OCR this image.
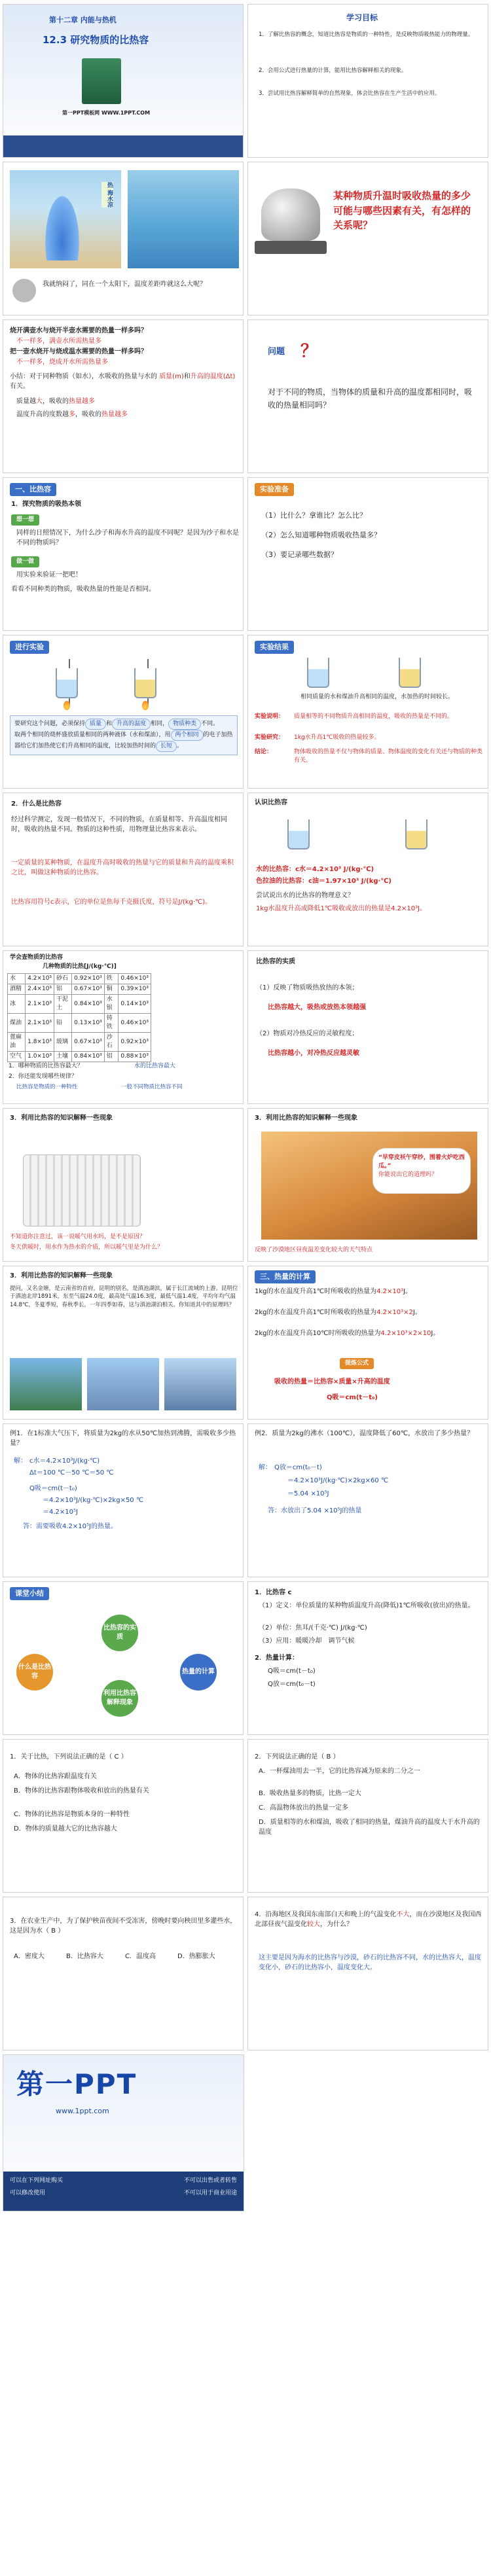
第十二章 内能与热机
12.3 研究物质的比热容
第一PPT模板网 WWW.1PPT.COM
学习目标
1．了解比热容的概念，知道比热容是物质的一种特性，是反映物质吸热能力的物理量。
2．会用公式进行热量的计算，能用比热容解释相关的现象。
3．尝试用比热容解释简单的自然现象，体会比热容在生产生活中的应用。
热 海水凉
我就纳闷了，同在一个太阳下，温度差距咋就这么大呢？
某种物质升温时吸收热量的多少可能与哪些因素有关，有怎样的关系呢？
烧开满壶水与烧开半壶水需要的热量一样多吗？
不一样多，满壶水所需热量多
把一壶水烧开与烧成温水需要的热量一样多吗？
不一样多，烧成开水所需热量多
小结：对于同种物质（如水），水吸收的热量与水的 质量(m)和升高的温度(Δt)有关。
质量越大，吸收的热量越多
温度升高的度数越多，吸收的热量越多
问题 ？
对于不同的物质，当物体的质量和升高的温度都相同时，吸收的热量相同吗？
一、比热容
1．探究物质的吸热本领
想一想
同样的日照情况下，为什么沙子和海水升高的温度不同呢？是因为沙子和水是不同的物质吗？
做一做
用实验来验证一把吧！
看看不同种类的物质，吸收热量的性能是否相同。
实验准备
（1）比什么？拿谁比？怎么比？
（2）怎么知道哪种物质吸收热量多？
（3）要记录哪些数据？
进行实验
要研究这个问题，必须保持 质量 和 升高的温度 相同， 物质种类 不同。
取两个相同的烧杯盛放质量相同的两种液体（水和煤油），用 两个相同 的电子加热器给它们加热使它们升高相同的温度，比较加热时间的 长短 。
实验结果
相同质量的水和煤油升高相同的温度，水加热的时间较长。
实验说明： 质量相等的不同物质升高相同的温度，吸收的热量是不同的。
实验研究： 1kg水升高1℃吸收的热量较多。
结论：	物体吸收的热量不仅与物体的质量、物体温度的变化有关还与物质的种类有关。
2．什么是比热容
经过科学测定，发现一般情况下，不同的物质，在质量相等、升高温度相同时，吸收的热量不同。物质的这种性质，用物理量比热容来表示。
一定质量的某种物质，在温度升高时吸收的热量与它的质量和升高的温度乘积之比，叫做这种物质的比热容。
比热容用符号c表示，它的单位是焦每千克摄氏度，符号是J/(kg·℃)。
认识比热容
水的比热容：c水＝4.2×10³ J/(kg·℃)
色拉油的比热容：c油＝1.97×10³ J/(kg·℃)
尝试说出水的比热容的物理意义？
1kg水温度升高或降低1℃吸收或放出的热量是4.2×10³J。
学会查物质的比热容
几种物质的比热[J/(kg·℃)]
水	4.2×10³	砂石	0.92×10³	铁	0.46×10³
酒精	2.4×10³	铝	0.67×10³	铜	0.39×10³
冰	2.1×10³	干泥土	0.84×10³	水银	0.14×10³
煤油	2.1×10³	铅	0.13×10³	铸铁	0.46×10³
蓖麻油	1.8×10³	玻璃	0.67×10³	沙石	0.92×10³
空气	1.0×10³	土壤	0.84×10³	铝	0.88×10³
1．哪种物质的比热容最大？	水的比热容最大
2．你还能发现哪些规律？
比热容是物质的一种特性	一般不同物质比热容不同
比热容的实质
（1）反映了物质吸热放热的本领；
比热容越大，吸热或放热本领越强
（2）物质对冷热反应的灵敏程度；
比热容越小，对冷热反应越灵敏
3．利用比热容的知识解释一些现象
不知道你注意过，该一说暖气用水吗，是不是原因？
冬天供暖时，用水作为热水的介质，所以暖气里是为什么？
3．利用比热容的知识解释一些现象
“早穿皮袄午穿纱，围着火炉吃西瓜。”
你能说出它的道理吗？
反映了沙漠地区昼夜温差变化较大的天气特点
3．利用比热容的知识解释一些现象
提问，又名金塘，是云南省的首府，昆明的别名，是滇池湖滨，属于长江流域的上游。昆明位于滇池北岸1891米，东至气温24.0度，最高处气温16.3度，最低气温1.4度，平均年均气温14.8℃，冬夏季短，春秋季长，一年四季如春，这与滇池湖泊相关。你知道其中的原理吗？
三、热量的计算
1kg的水在温度升高1℃时所吸收的热量为4.2×10³J。
2kg的水在温度升高1℃时所吸收的热量为4.2×10³×2J。
2kg的水在温度升高10℃时所吸收的热量为4.2×10³×2×10J。
提炼公式
吸收的热量＝比热容×质量×升高的温度
Q吸＝cm(t－t₀)
例1．在1标准大气压下，将质量为2kg的水从50℃加热到沸腾，需吸收多少热量？
解： c水＝4.2×10³J/(kg·℃)
Δt＝100 ℃－50 ℃＝50 ℃
Q吸＝cm(t－t₀)
＝4.2×10³J/(kg·℃)×2kg×50 ℃
＝4.2×10⁵J
答：需要吸收4.2×10⁵J的热量。
例2．质量为2kg的沸水（100℃），温度降低了60℃，水放出了多少热量？
解： Q放＝cm(t₀－t)
＝4.2×10³J/(kg·℃)×2kg×60 ℃
＝5.04 ×10⁵J
答：水放出了5.04 ×10⁵J的热量
课堂小结
什么是比热容
比热容的实质
利用比热容解释现象
热量的计算
1．比热容 c
（1）定义：单位质量的某种物质温度升高(降低)1℃所吸收(放出)的热量。
（2）单位：焦耳/(千克·℃) J/(kg·℃)
（3）应用：暖暖冷却　调节气候
2．热量计算：
Q吸＝cm(t－t₀)
Q放＝cm(t₀－t)
1．关于比热，下列说法正确的是（ C ）
A．物体的比热容跟温度有关
B．物体的比热容跟物体吸收和放出的热量有关
C．物体的比热容是物质本身的一种特性
D．物体的质量越大它的比热容越大
2．下列说法正确的是（ B ）
A．一杯煤油用去一半，它的比热容减为原来的二分之一
B．吸收热量多的物质，比热一定大
C．高温物体放出的热量一定多
D．质量相等的水和煤油，吸收了相同的热量，煤油升高的温度大于水升高的温度
3．在农业生产中，为了保护秧苗夜间不受冻害，傍晚时要向秧田里多灌些水，这是因为水（ B ）
A．密度大	B．比热容大	C．温度高	D．热膨胀大
4．沿海地区及我国东南部白天和晚上的气温变化不大，而在沙漠地区及我国西北部昼夜气温变化较大，为什么？
这主要是因为海水的比热容与沙漠，砂石的比热容不同，水的比热容大，温度变化小，砂石的比热容小，温度变化大。
第一PPT
www.1ppt.com
可以在下列网址购买	不可以出售或者转售
可以修改使用	不可以用于商业用途
